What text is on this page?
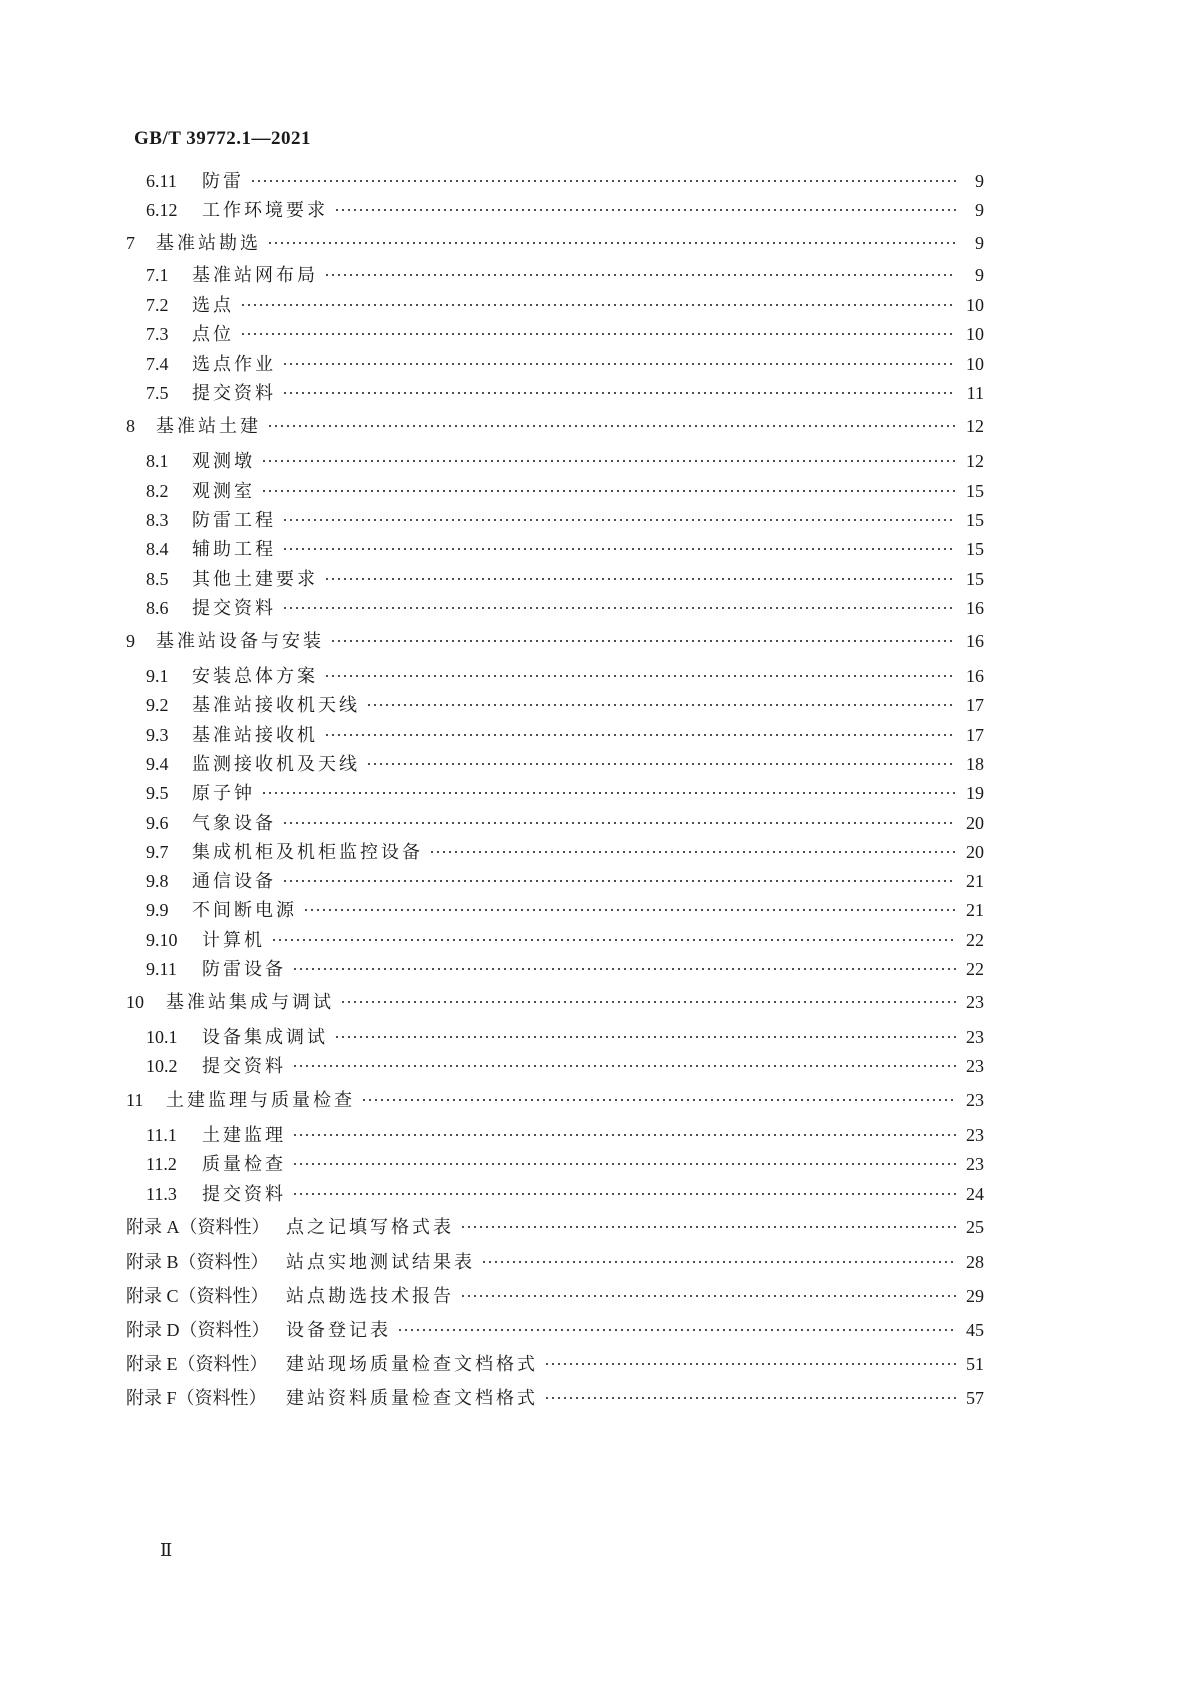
GB/T 39772.1—2021
6.11	防雷	9
6.12	工作环境要求	9
7	基准站勘选	9
7.1	基准站网布局	9
7.2	选点	10
7.3	点位	10
7.4	选点作业	10
7.5	提交资料	11
8	基准站土建	12
8.1	观测墩	12
8.2	观测室	15
8.3	防雷工程	15
8.4	辅助工程	15
8.5	其他土建要求	15
8.6	提交资料	16
9	基准站设备与安装	16
9.1	安装总体方案	16
9.2	基准站接收机天线	17
9.3	基准站接收机	17
9.4	监测接收机及天线	18
9.5	原子钟	19
9.6	气象设备	20
9.7	集成机柜及机柜监控设备	20
9.8	通信设备	21
9.9	不间断电源	21
9.10	计算机	22
9.11	防雷设备	22
10	基准站集成与调试	23
10.1	设备集成调试	23
10.2	提交资料	23
11	土建监理与质量检查	23
11.1	土建监理	23
11.2	质量检查	23
11.3	提交资料	24
附录 A（资料性） 点之记填写格式表	25
附录 B（资料性） 站点实地测试结果表	28
附录 C（资料性） 站点勘选技术报告	29
附录 D（资料性） 设备登记表	45
附录 E（资料性）	建站现场质量检查文档格式	51
附录 F（资料性）	建站资料质量检查文档格式	57
Ⅱ
